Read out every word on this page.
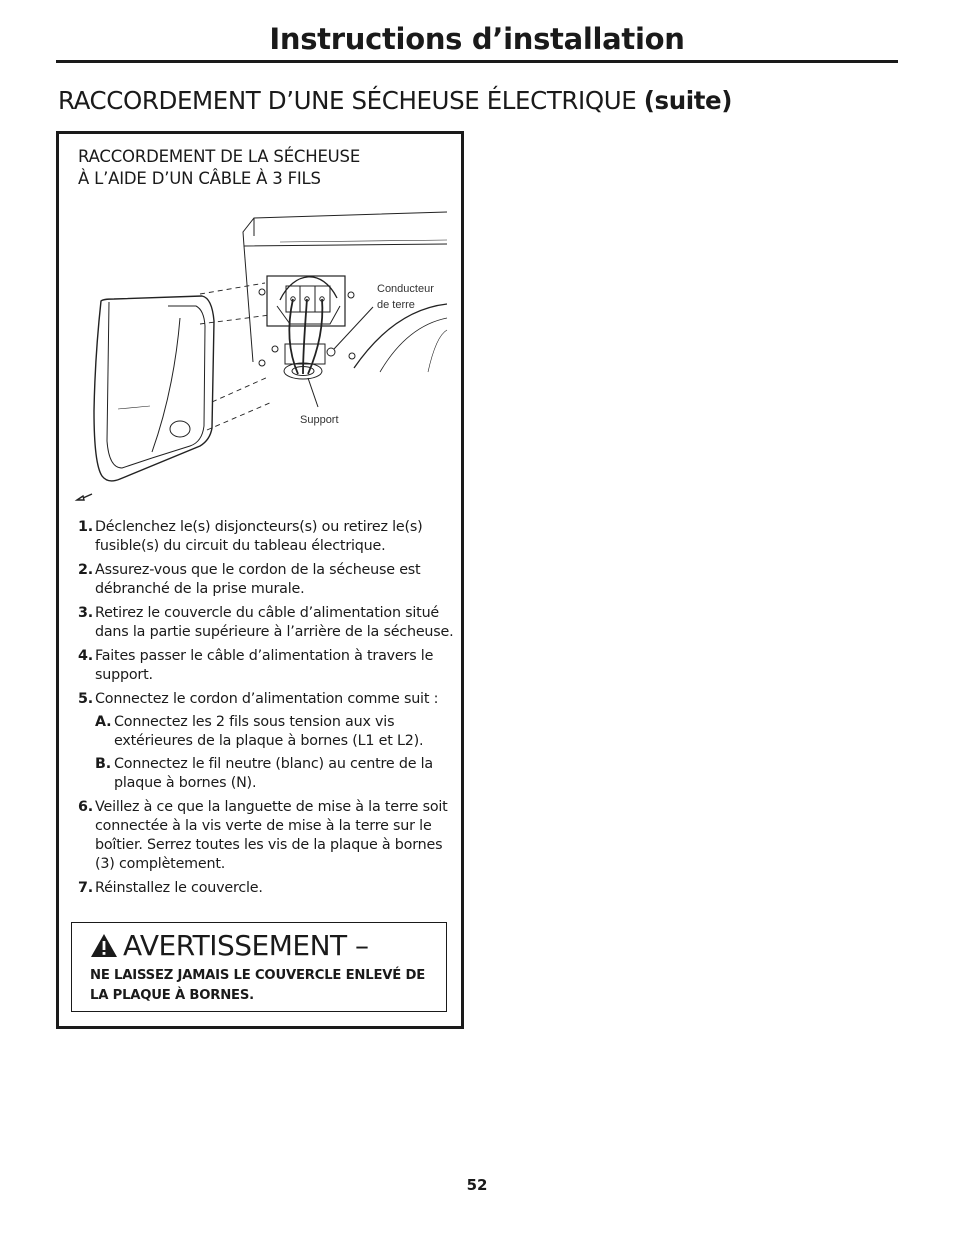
Instructions d’installation
RACCORDEMENT D’UNE SÉCHEUSE ÉLECTRIQUE (suite)
RACCORDEMENT DE LA SÉCHEUSE
À L’AIDE D’UN CÂBLE À 3 FILS
Conducteur
de terre
Support
1. Déclenchez le(s) disjoncteurs(s) ou retirez le(s) fusible(s) du circuit du tableau électrique.
2. Assurez-vous que le cordon de la sécheuse est débranché de la prise murale.
3. Retirez le couvercle du câble d’alimentation situé dans la partie supérieure à l’arrière de la sécheuse.
4. Faites passer le câble d’alimentation à travers le support.
5. Connectez le cordon d’alimentation comme suit :
A. Connectez les 2 fils sous tension aux vis extérieures de la plaque à bornes (L1 et L2).
B. Connectez le fil neutre (blanc) au centre de la plaque à bornes (N).
6. Veillez à ce que la languette de mise à la terre soit connectée à la vis verte de mise à la terre sur le boîtier. Serrez toutes les vis de la plaque à bornes (3) complètement.
7. Réinstallez le couvercle.
AVERTISSEMENT –
NE LAISSEZ JAMAIS LE COUVERCLE ENLEVÉ DE LA PLAQUE À BORNES.
52
